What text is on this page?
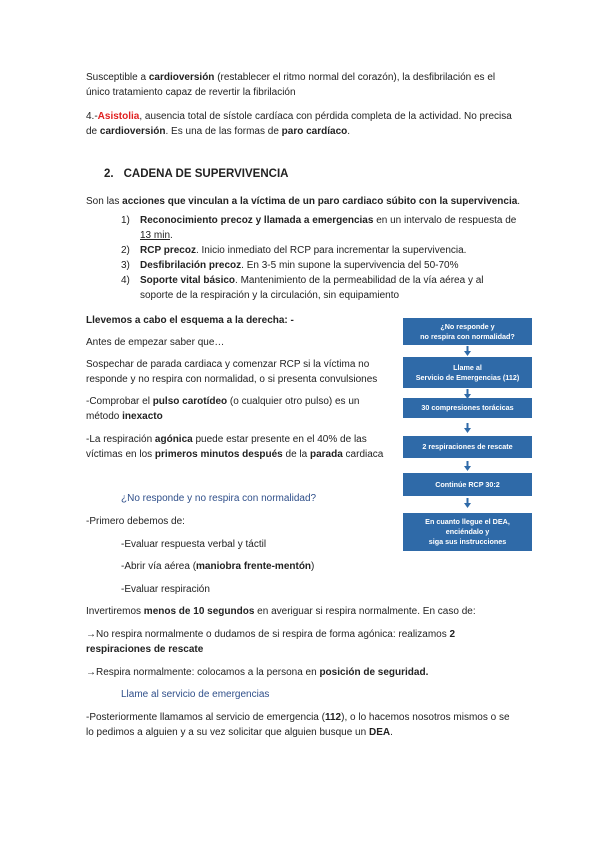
Susceptible a cardioversión (restablecer el ritmo normal del corazón), la desfibrilación es el
único tratamiento capaz de revertir la fibrilación
4.-Asistolia, ausencia total de sístole cardíaca con pérdida completa de la actividad. No precisa
de cardioversión. Es una de las formas de paro cardíaco.
2. CADENA DE SUPERVIVENCIA
Son las acciones que vinculan a la víctima de un paro cardiaco súbito con la supervivencia.
1)	Reconocimiento precoz y llamada a emergencias en un intervalo de respuesta de
13 min.
2)	RCP precoz. Inicio inmediato del RCP para incrementar la supervivencia.
3)	Desfibrilación precoz. En 3-5 min supone la supervivencia del 50-70%
4)	Soporte vital básico. Mantenimiento de la permeabilidad de la vía aérea y al
soporte de la respiración y la circulación, sin equipamiento
Llevemos a cabo el esquema a la derecha: -
Antes de empezar saber que…
Sospechar de parada cardiaca y comenzar RCP si la víctima no
responde y no respira con normalidad, o si presenta convulsiones
-Comprobar el pulso carotídeo (o cualquier otro pulso) es un
método inexacto
-La respiración agónica puede estar presente en el 40% de las
víctimas en los primeros minutos después de la parada cardiaca
¿No responde y
no respira con normalidad?
Llame al
Servicio de Emergencias (112)
30 compresiones torácicas
2 respiraciones de rescate
Continúe RCP 30:2
En cuanto llegue el DEA,
enciéndalo y
siga sus instrucciones
¿No responde y no respira con normalidad?
-Primero debemos de:
-Evaluar respuesta verbal y táctil
-Abrir vía aérea (maniobra frente-mentón)
-Evaluar respiración
Invertiremos menos de 10 segundos en averiguar si respira normalmente. En caso de:
→No respira normalmente o dudamos de si respira de forma agónica: realizamos 2
respiraciones de rescate
→Respira normalmente: colocamos a la persona en posición de seguridad.
Llame al servicio de emergencias
-Posteriormente llamamos al servicio de emergencia (112), o lo hacemos nosotros mismos o se
lo pedimos a alguien y a su vez solicitar que alguien busque un DEA.
